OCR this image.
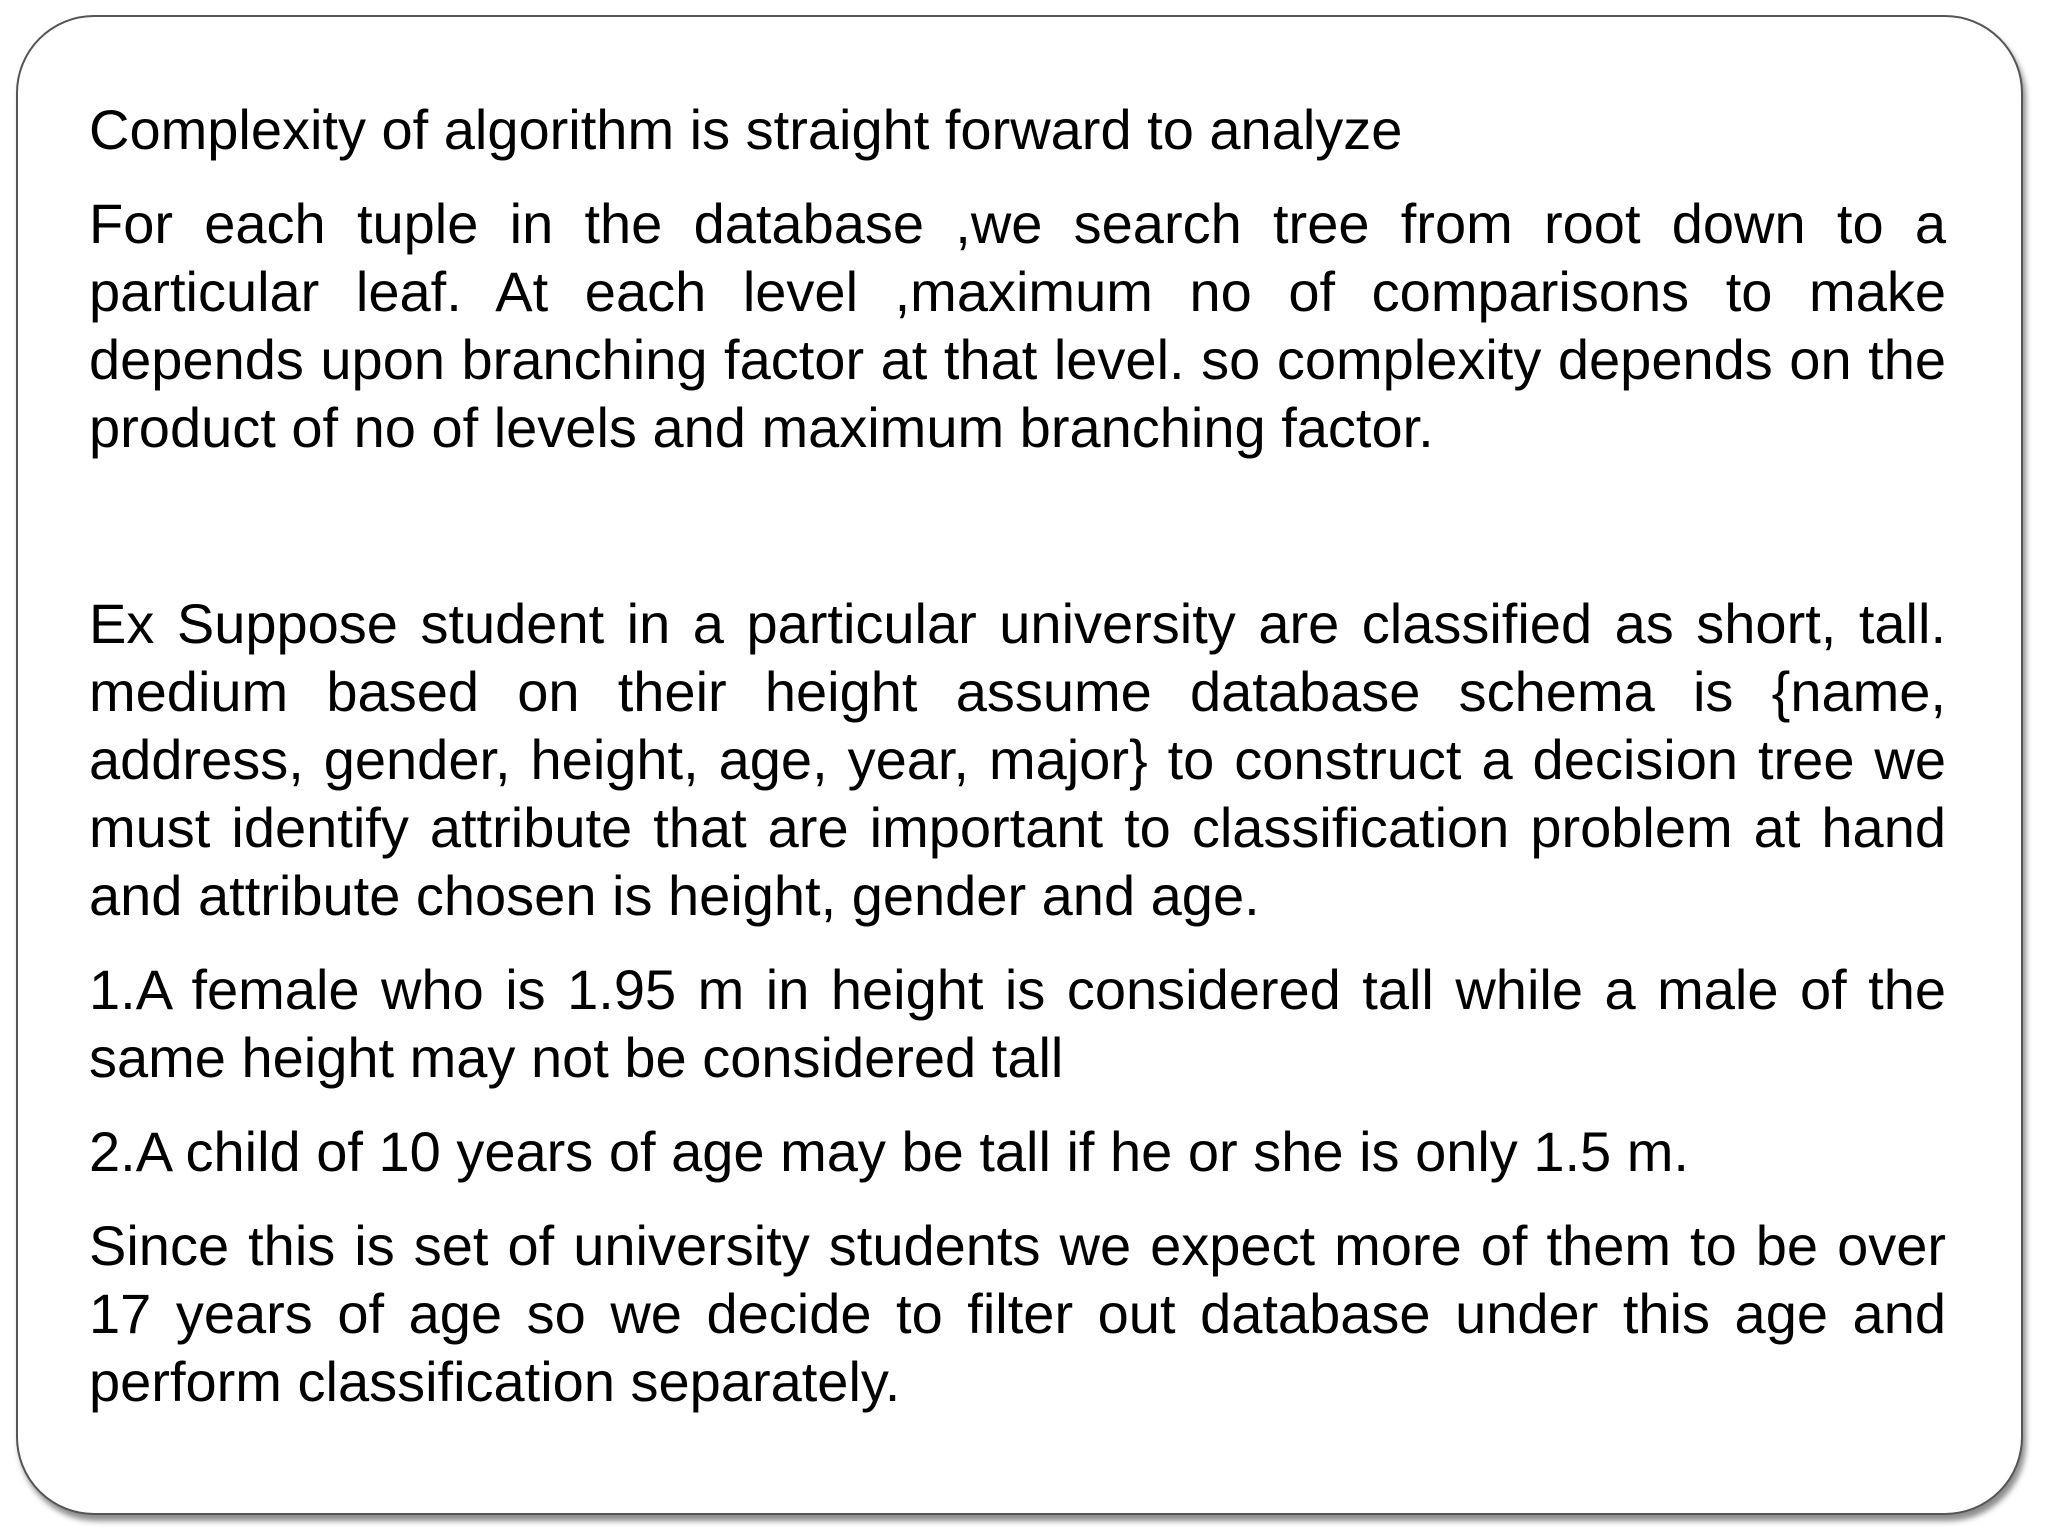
Complexity of algorithm is straight forward to analyze

For each tuple in the database ,we search tree from root down to a particular leaf. At each level ,maximum no of comparisons to make depends upon branching factor at that level. so complexity depends on the product of no of levels and maximum branching factor.

Ex Suppose student in a particular university are classified as short, tall. medium based on their height assume database schema is {name, address, gender, height, age, year, major} to construct a decision tree we must identify attribute that are important to classification problem at hand and attribute chosen is height, gender and age.

1.A female who is 1.95 m in height is considered tall while a male of the same height may not be considered tall

2.A child of 10 years of age may be tall if he or she is only 1.5 m.

Since this is set of university students we expect more of them to be over 17 years of age so we decide to filter out database under this age and perform classification separately.
